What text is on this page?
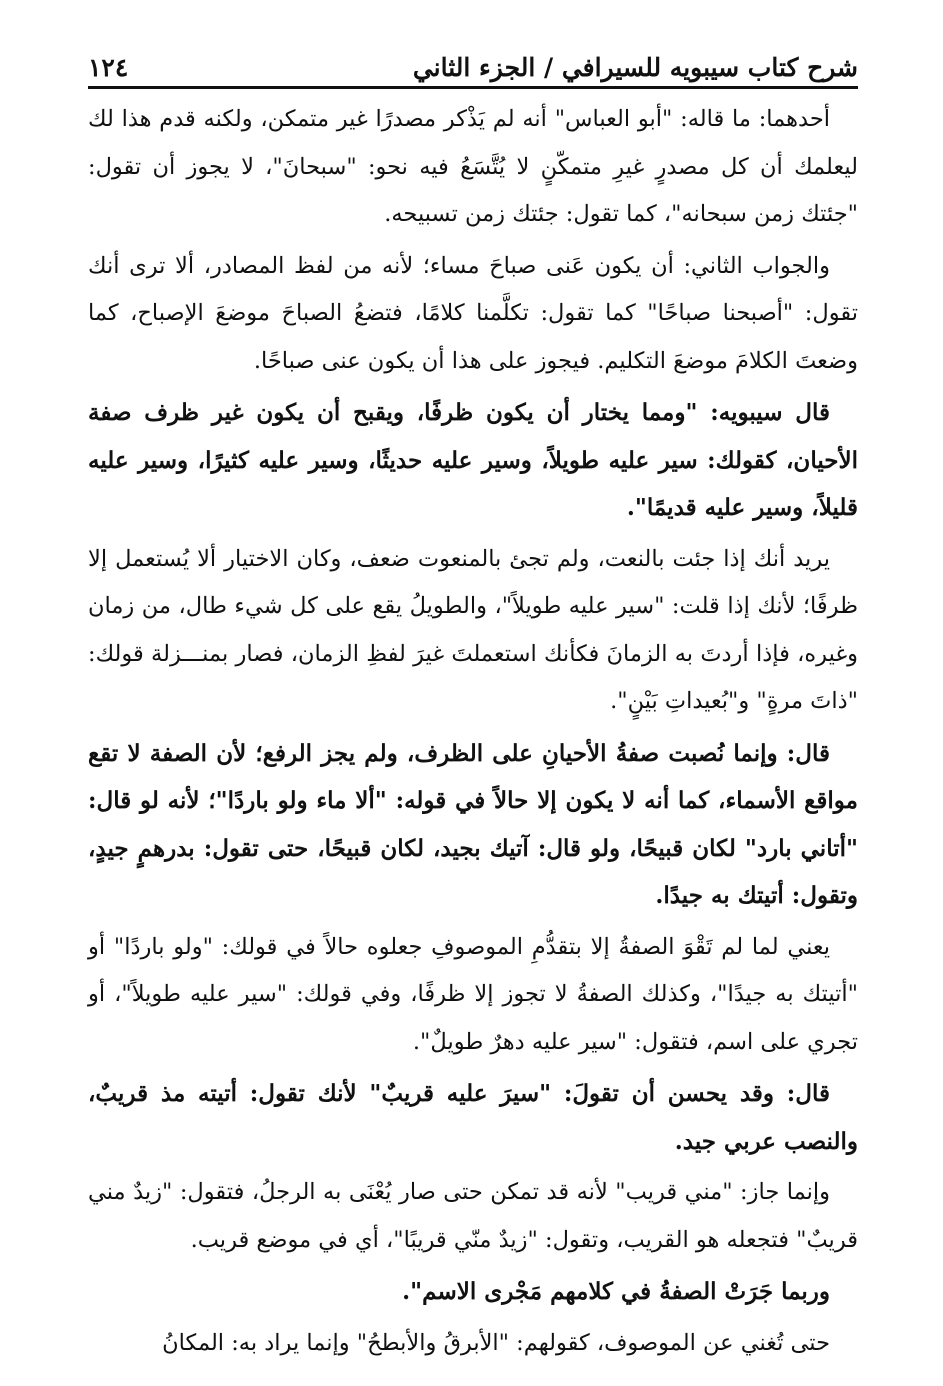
شرح كتاب سيبويه للسيرافي / الجزء الثاني
١٢٤

أحدهما: ما قاله: "أبو العباس" أنه لم يَذْكر مصدرًا غير متمكن، ولكنه قدم هذا لك ليعلمك أن كل مصدرٍ غيرِ متمكّنٍ لا يُتَّسَعُ فيه نحو: "سبحانَ"، لا يجوز أن تقول: "جئتك زمن سبحانه"، كما تقول: جئتك زمن تسبيحه.

والجواب الثاني: أن يكون عَنى صباحَ مساء؛ لأنه من لفظ المصادر، ألا ترى أنك تقول: "أصبحنا صباحًا" كما تقول: تكلَّمنا كلامًا، فتضعُ الصباحَ موضعَ الإصباح، كما وضعتَ الكلامَ موضعَ التكليم. فيجوز على هذا أن يكون عنى صباحًا.

قال سيبويه: "ومما يختار أن يكون ظرفًا، ويقبح أن يكون غير ظرف صفة الأحيان، كقولك: سير عليه طويلاً، وسير عليه حديثًا، وسير عليه كثيرًا، وسير عليه قليلاً، وسير عليه قديمًا".

يريد أنك إذا جئت بالنعت، ولم تجئ بالمنعوت ضعف، وكان الاختيار ألا يُستعمل إلا ظرفًا؛ لأنك إذا قلت: "سير عليه طويلاً"، والطويلُ يقع على كل شيء طال، من زمان وغيره، فإذا أردتَ به الزمانَ فكأنك استعملتَ غيرَ لفظِ الزمان، فصار بمنـــزلة قولك: "ذاتَ مرةٍ" و"بُعيداتِ بَيْنٍ".

قال: وإنما نُصبت صفةُ الأحيانِ على الظرف، ولم يجز الرفع؛ لأن الصفة لا تقع مواقع الأسماء، كما أنه لا يكون إلا حالاً في قوله: "ألا ماء ولو باردًا"؛ لأنه لو قال: "أتاني بارد" لكان قبيحًا، ولو قال: آتيك بجيد، لكان قبيحًا، حتى تقول: بدرهمٍ جيدٍ، وتقول: أتيتك به جيدًا.

يعني لما لم تَقْوَ الصفةُ إلا بتقدُّمِ الموصوفِ جعلوه حالاً في قولك: "ولو باردًا" أو "أتيتك به جيدًا"، وكذلك الصفةُ لا تجوز إلا ظرفًا، وفي قولك: "سير عليه طويلاً"، أو تجري على اسم، فتقول: "سير عليه دهرٌ طويلٌ".

قال: وقد يحسن أن تقولَ: "سيرَ عليه قريبٌ" لأنك تقول: أتيته مذ قريبٌ، والنصب عربي جيد.

وإنما جاز: "مني قريب" لأنه قد تمكن حتى صار يُعْنَى به الرجلُ، فتقول: "زيدٌ مني قريبٌ" فتجعله هو القريب، وتقول: "زيدٌ منّي قريبًا"، أي في موضع قريب.

وربما جَرَتْ الصفةُ في كلامهم مَجْرى الاسم".

حتى تُغني عن الموصوف، كقولهم: "الأبرقُ والأبطحُ" وإنما يراد به: المكانُ
